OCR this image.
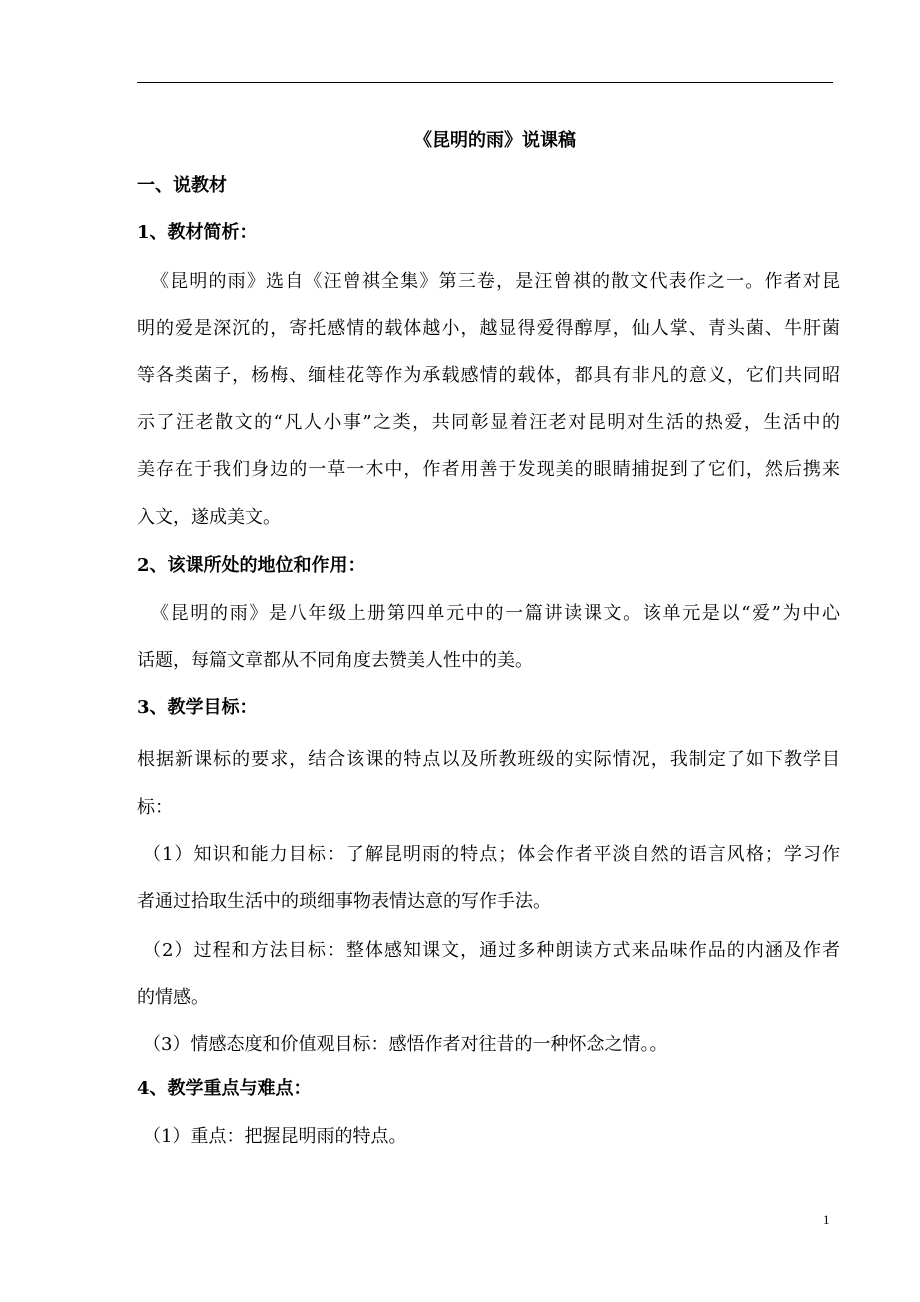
《昆明的雨》说课稿
一、说教材
1、教材简析：
《昆明的雨》选自《汪曾祺全集》第三卷，是汪曾祺的散文代表作之一。作者对昆
明的爱是深沉的，寄托感情的载体越小，越显得爱得醇厚，仙人掌、青头菌、牛肝菌
等各类菌子，杨梅、缅桂花等作为承载感情的载体，都具有非凡的意义，它们共同昭
示了汪老散文的“凡人小事”之类，共同彰显着汪老对昆明对生活的热爱，生活中的
美存在于我们身边的一草一木中，作者用善于发现美的眼睛捕捉到了它们，然后携来
入文，遂成美文。
2、该课所处的地位和作用：
《昆明的雨》是八年级上册第四单元中的一篇讲读课文。该单元是以“爱”为中心
话题，每篇文章都从不同角度去赞美人性中的美。
3、教学目标：
根据新课标的要求，结合该课的特点以及所教班级的实际情况，我制定了如下教学目
标：
（1）知识和能力目标：了解昆明雨的特点；体会作者平淡自然的语言风格；学习作
者通过拾取生活中的琐细事物表情达意的写作手法。
（2）过程和方法目标：整体感知课文，通过多种朗读方式来品味作品的内涵及作者
的情感。
（3）情感态度和价值观目标：感悟作者对往昔的一种怀念之情。。
4、教学重点与难点：
（1）重点：把握昆明雨的特点。
1
